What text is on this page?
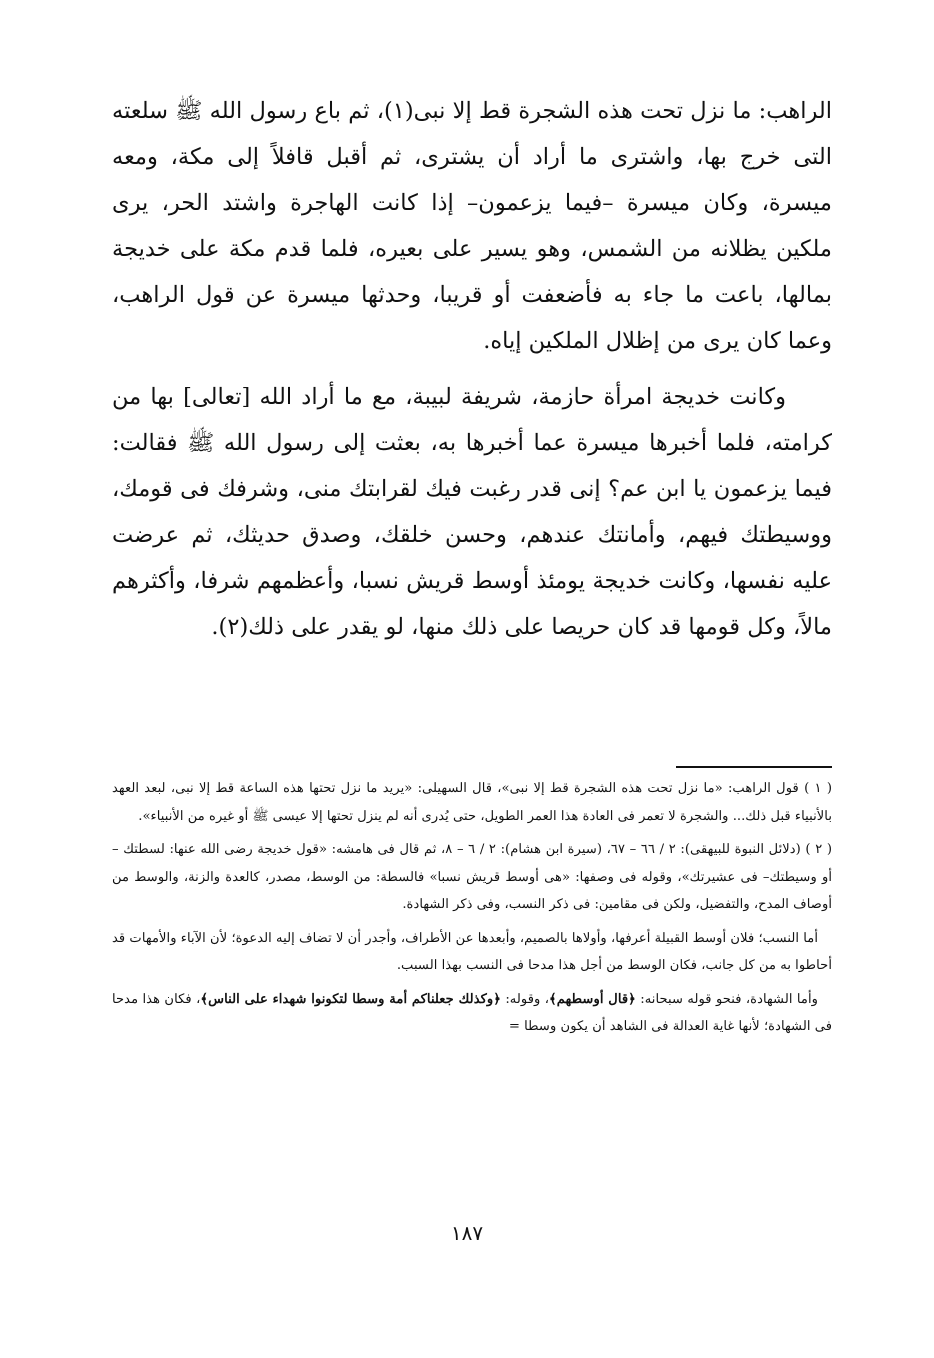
الراهب: ما نزل تحت هذه الشجرة قط إلا نبى(١)، ثم باع رسول الله ﷺ سلعته التى خرج بها، واشترى ما أراد أن يشترى، ثم أقبل قافلاً إلى مكة، ومعه ميسرة، وكان ميسرة –فيما يزعمون– إذا كانت الهاجرة واشتد الحر، يرى ملكين يظلانه من الشمس، وهو يسير على بعيره، فلما قدم مكة على خديجة بمالها، باعت ما جاء به فأضعفت أو قريبا، وحدثها ميسرة عن قول الراهب، وعما كان يرى من إظلال الملكين إياه.

وكانت خديجة امرأة حازمة، شريفة لبيبة، مع ما أراد الله [تعالى] بها من كرامته، فلما أخبرها ميسرة عما أخبرها به، بعثت إلى رسول الله ﷺ فقالت: فيما يزعمون يا ابن عم؟ إنى قدر رغبت فيك لقرابتك منى، وشرفك فى قومك، ووسيطتك فيهم، وأمانتك عندهم، وحسن خلقك، وصدق حديثك، ثم عرضت عليه نفسها، وكانت خديجة يومئذ أوسط قريش نسبا، وأعظمهم شرفا، وأكثرهم مالاً، وكل قومها قد كان حريصا على ذلك منها، لو يقدر على ذلك(٢).

( ١ ) قول الراهب: «ما نزل تحت هذه الشجرة قط إلا نبى»، قال السهيلى: «يريد ما نزل تحتها هذه الساعة قط إلا نبى، لبعد العهد بالأنبياء قبل ذلك... والشجرة لا تعمر فى العادة هذا العمر الطويل، حتى يُدرى أنه لم ينزل تحتها إلا عيسى ﷺ أو غيره من الأنبياء».

( ٢ ) (دلائل النبوة للبيهقى): ٢ / ٦٦ – ٦٧، (سيرة ابن هشام): ٢ / ٦ – ٨، ثم قال فى هامشه: «قول خديجة رضى الله عنها: لسطتك – أو وسيطتك– فى عشيرتك»، وقوله فى وصفها: «هى أوسط قريش نسبا» فالسطة: من الوسط، مصدر، كالعدة والزنة، والوسط من أوصاف المدح، والتفضيل، ولكن فى مقامين: فى ذكر النسب، وفى ذكر الشهادة.

أما النسب؛ فلان أوسط القبيلة أعرفها، وأولاها بالصميم، وأبعدها عن الأطراف، وأجدر أن لا تضاف إليه الدعوة؛ لأن الآباء والأمهات قد أحاطوا به من كل جانب، فكان الوسط من أجل هذا مدحا فى النسب بهذا السبب.

وأما الشهادة، فنحو قوله سبحانه: ﴿قال أوسطهم﴾، وقوله: ﴿وكذلك جعلناكم أمة وسطا لتكونوا شهداء على الناس﴾، فكان هذا مدحا فى الشهادة؛ لأنها غاية العدالة فى الشاهد أن يكون وسطا =

١٨٧
